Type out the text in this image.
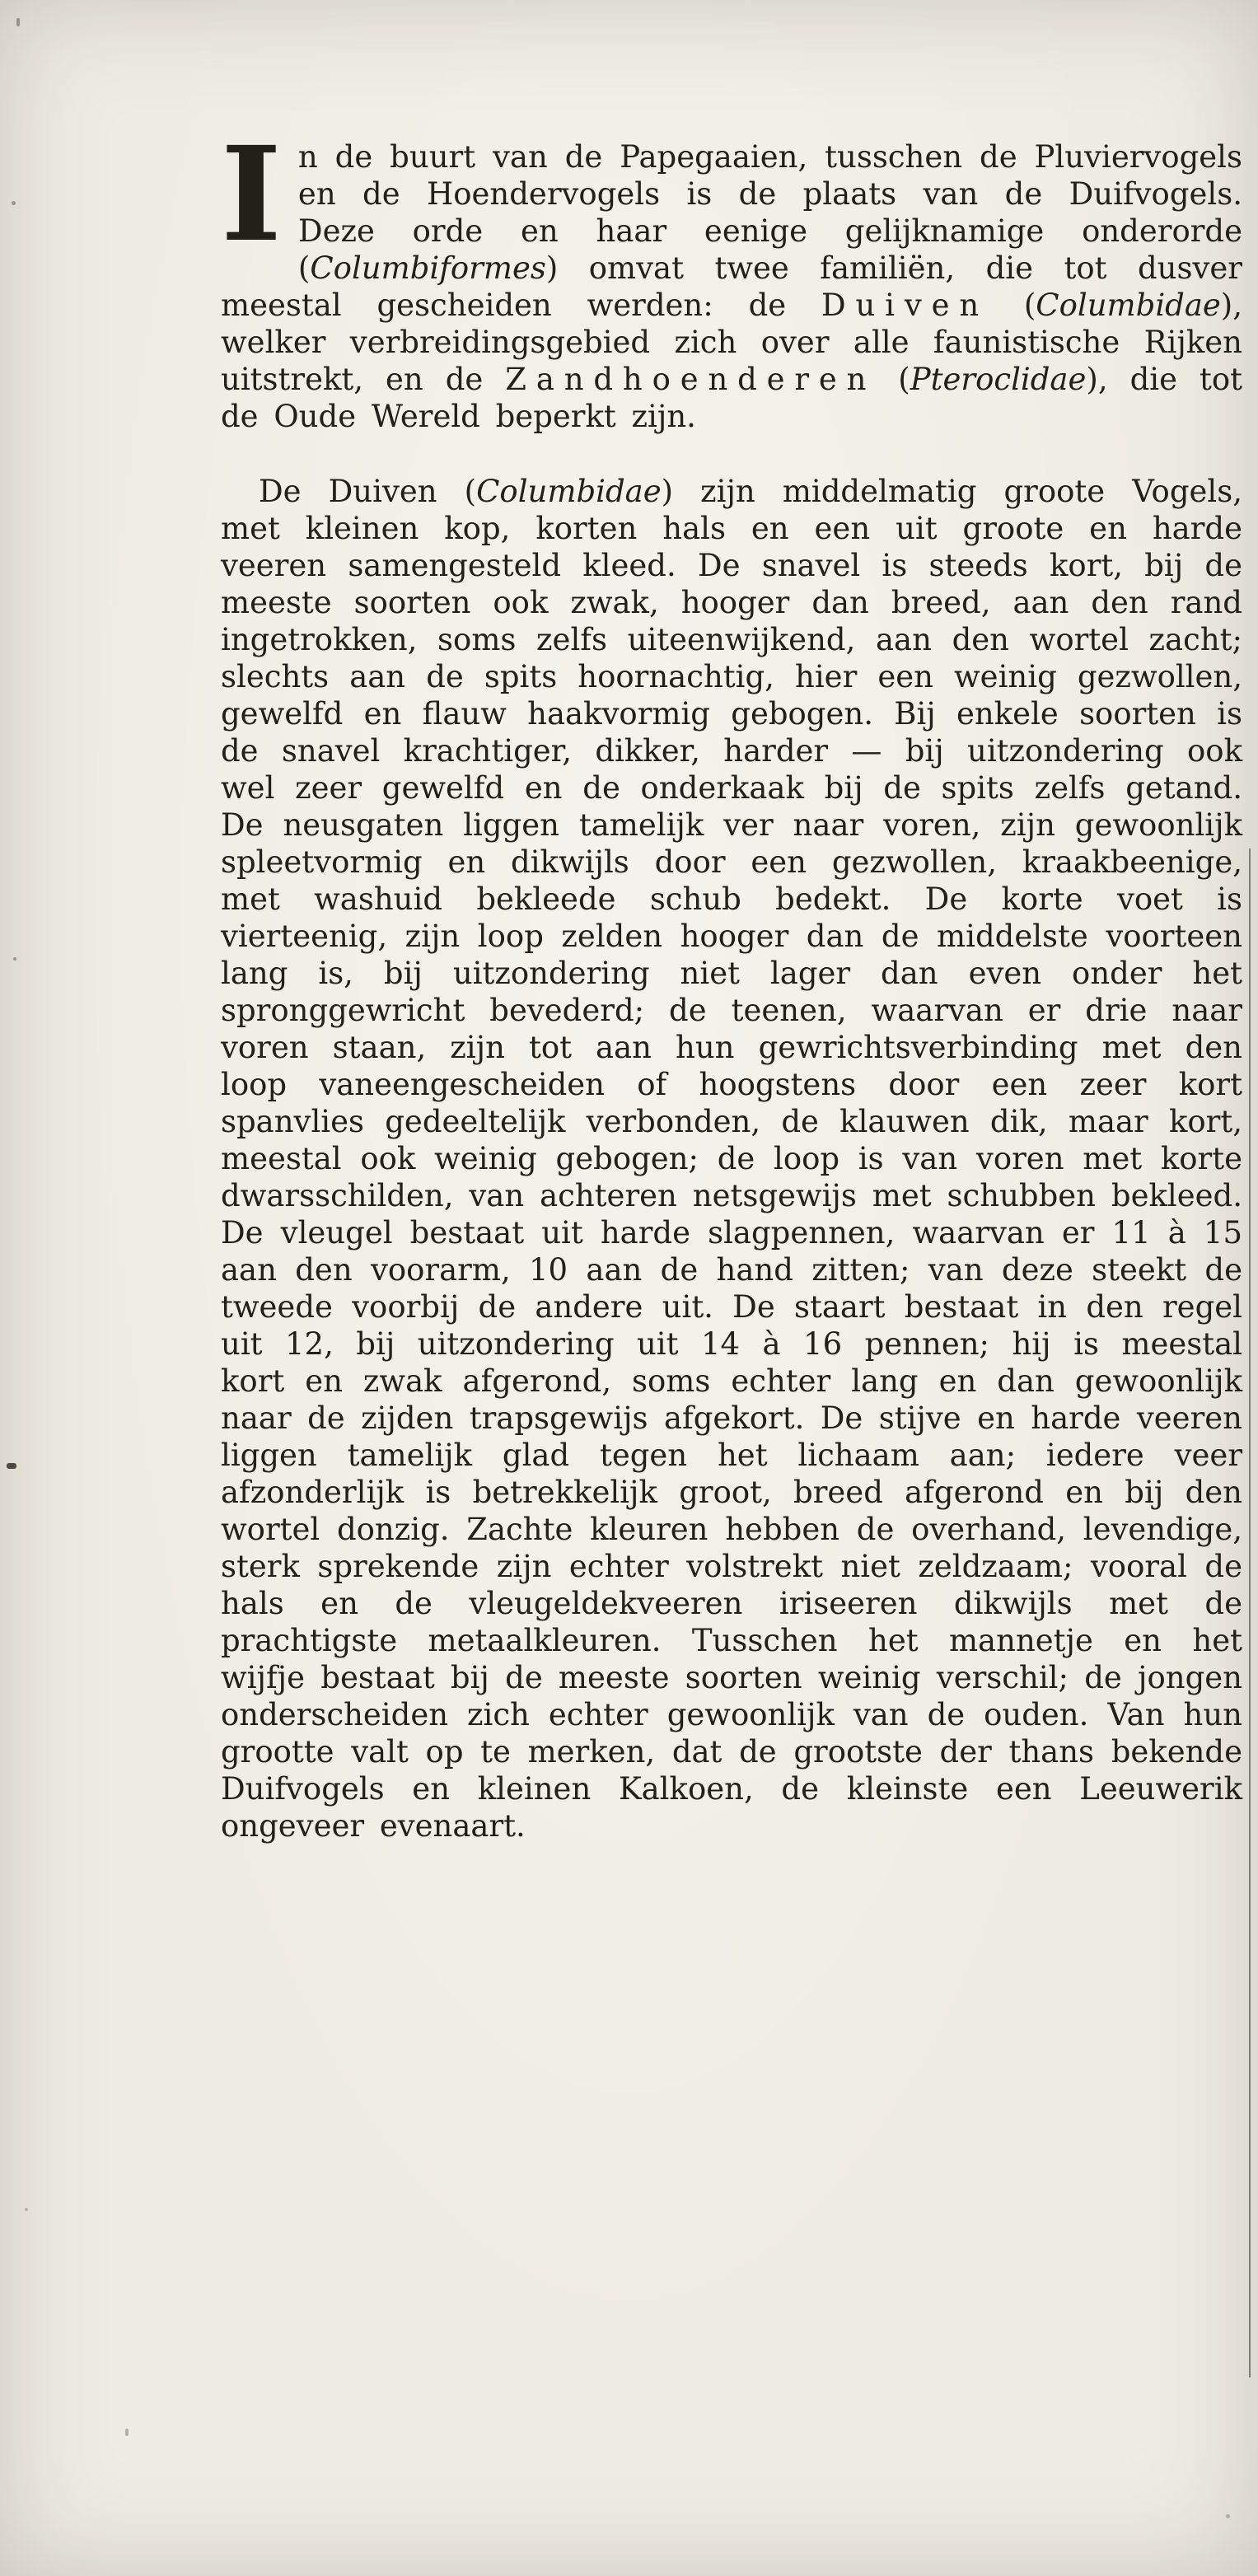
In de buurt van de Papegaaien, tusschen de Pluviervogels en de Hoendervogels is de plaats van de Duifvogels. Deze orde en haar eenige gelijknamige onderorde (Columbiformes) omvat twee familiën, die tot dusver meestal gescheiden werden: de Duiven (Columbidae), welker verbreidingsgebied zich over alle faunistische Rijken uitstrekt, en de Zandhoenderen (Pteroclidae), die tot de Oude Wereld beperkt zijn.
De Duiven (Columbidae) zijn middelmatig groote Vogels, met kleinen kop, korten hals en een uit groote en harde veeren samengesteld kleed. De snavel is steeds kort, bij de meeste soorten ook zwak, hooger dan breed, aan den rand ingetrokken, soms zelfs uiteenwijkend, aan den wortel zacht; slechts aan de spits hoornachtig, hier een weinig gezwollen, gewelfd en flauw haakvormig gebogen. Bij enkele soorten is de snavel krachtiger, dikker, harder — bij uitzondering ook wel zeer gewelfd en de onderkaak bij de spits zelfs getand. De neusgaten liggen tamelijk ver naar voren, zijn gewoonlijk spleetvormig en dikwijls door een gezwollen, kraakbeenige, met washuid bekleede schub bedekt. De korte voet is vierteenig, zijn loop zelden hooger dan de middelste voorteen lang is, bij uitzondering niet lager dan even onder het spronggewricht bevederd; de teenen, waarvan er drie naar voren staan, zijn tot aan hun gewrichtsverbinding met den loop vaneengescheiden of hoogstens door een zeer kort spanvlies gedeeltelijk verbonden, de klauwen dik, maar kort, meestal ook weinig gebogen; de loop is van voren met korte dwarsschilden, van achteren netsgewijs met schubben bekleed. De vleugel bestaat uit harde slagpennen, waarvan er 11 à 15 aan den voorarm, 10 aan de hand zitten; van deze steekt de tweede voorbij de andere uit. De staart bestaat in den regel uit 12, bij uitzondering uit 14 à 16 pennen; hij is meestal kort en zwak afgerond, soms echter lang en dan gewoonlijk naar de zijden trapsgewijs afgekort. De stijve en harde veeren liggen tamelijk glad tegen het lichaam aan; iedere veer afzonderlijk is betrekkelijk groot, breed afgerond en bij den wortel donzig. Zachte kleuren hebben de overhand, levendige, sterk sprekende zijn echter volstrekt niet zeldzaam; vooral de hals en de vleugeldekveeren iriseeren dikwijls met de prachtigste metaalkleuren. Tusschen het mannetje en het wijfje bestaat bij de meeste soorten weinig verschil; de jongen onderscheiden zich echter gewoonlijk van de ouden. Van hun grootte valt op te merken, dat de grootste der thans bekende Duifvogels en kleinen Kalkoen, de kleinste een Leeuwerik ongeveer evenaart.
